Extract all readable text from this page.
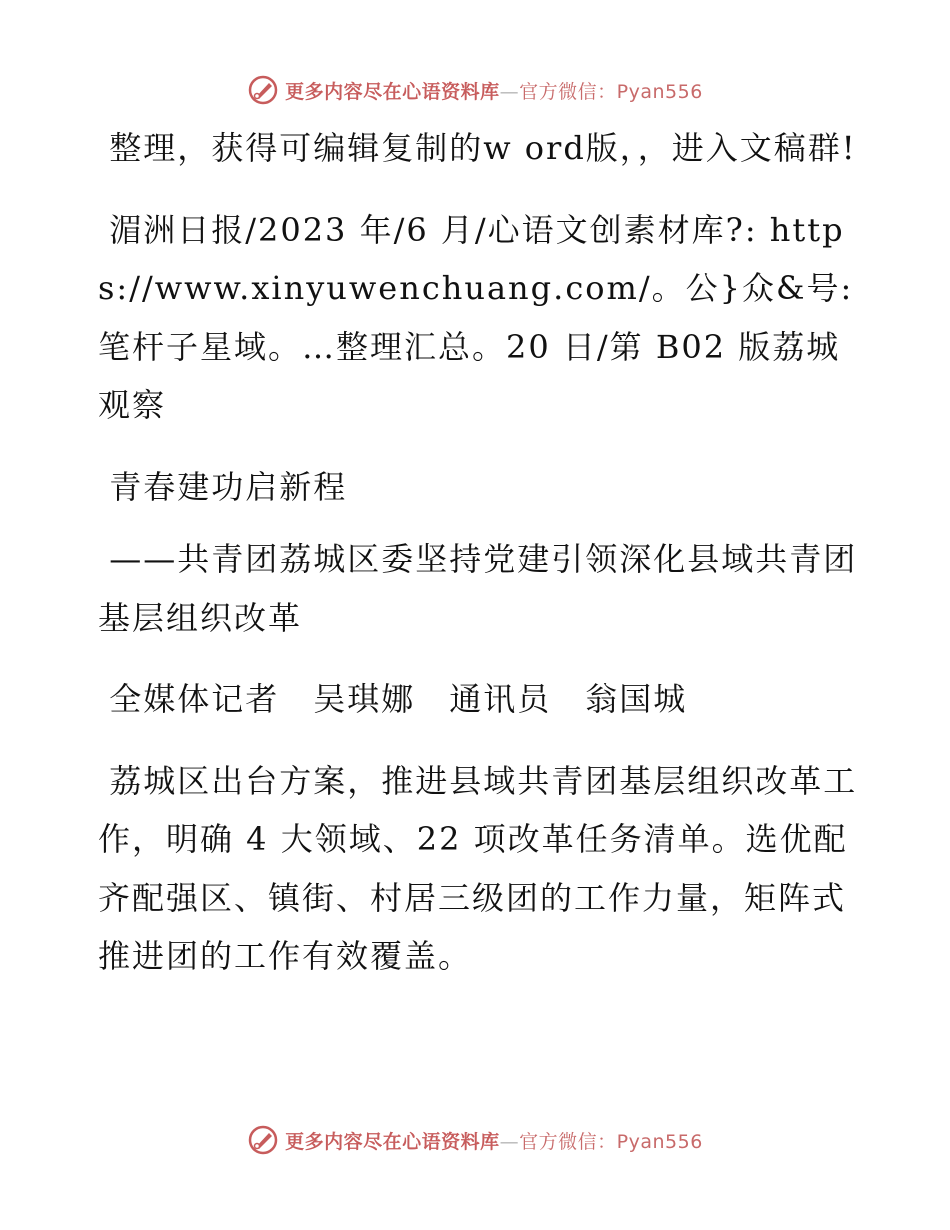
更多内容尽在心语资料库—官方微信：Pyan556

整理，获得可编辑复制的w ord版，，进入文稿群!

湄洲日报/2023 年/6 月/心语文创素材库?: https://www.xinyuwenchuang.com/。公}众&号: 笔杆子星域。…整理汇总。20 日/第 B02 版荔城观察

青春建功启新程

——共青团荔城区委坚持党建引领深化县域共青团基层组织改革

全媒体记者　吴琪娜　通讯员　翁国城

荔城区出台方案，推进县域共青团基层组织改革工作，明确 4 大领域、22 项改革任务清单。选优配齐配强区、镇街、村居三级团的工作力量，矩阵式推进团的工作有效覆盖。

更多内容尽在心语资料库—官方微信：Pyan556
